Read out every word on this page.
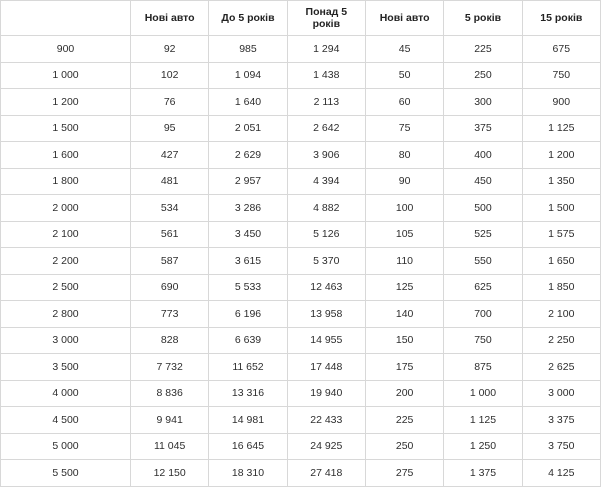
	Нові авто	До 5 років	Понад 5 років	Нові авто	5 років	15 років
900	92	985	1 294	45	225	675
1 000	102	1 094	1 438	50	250	750
1 200	76	1 640	2 113	60	300	900
1 500	95	2 051	2 642	75	375	1 125
1 600	427	2 629	3 906	80	400	1 200
1 800	481	2 957	4 394	90	450	1 350
2 000	534	3 286	4 882	100	500	1 500
2 100	561	3 450	5 126	105	525	1 575
2 200	587	3 615	5 370	110	550	1 650
2 500	690	5 533	12 463	125	625	1 850
2 800	773	6 196	13 958	140	700	2 100
3 000	828	6 639	14 955	150	750	2 250
3 500	7 732	11 652	17 448	175	875	2 625
4 000	8 836	13 316	19 940	200	1 000	3 000
4 500	9 941	14 981	22 433	225	1 125	3 375
5 000	11 045	16 645	24 925	250	1 250	3 750
5 500	12 150	18 310	27 418	275	1 375	4 125
